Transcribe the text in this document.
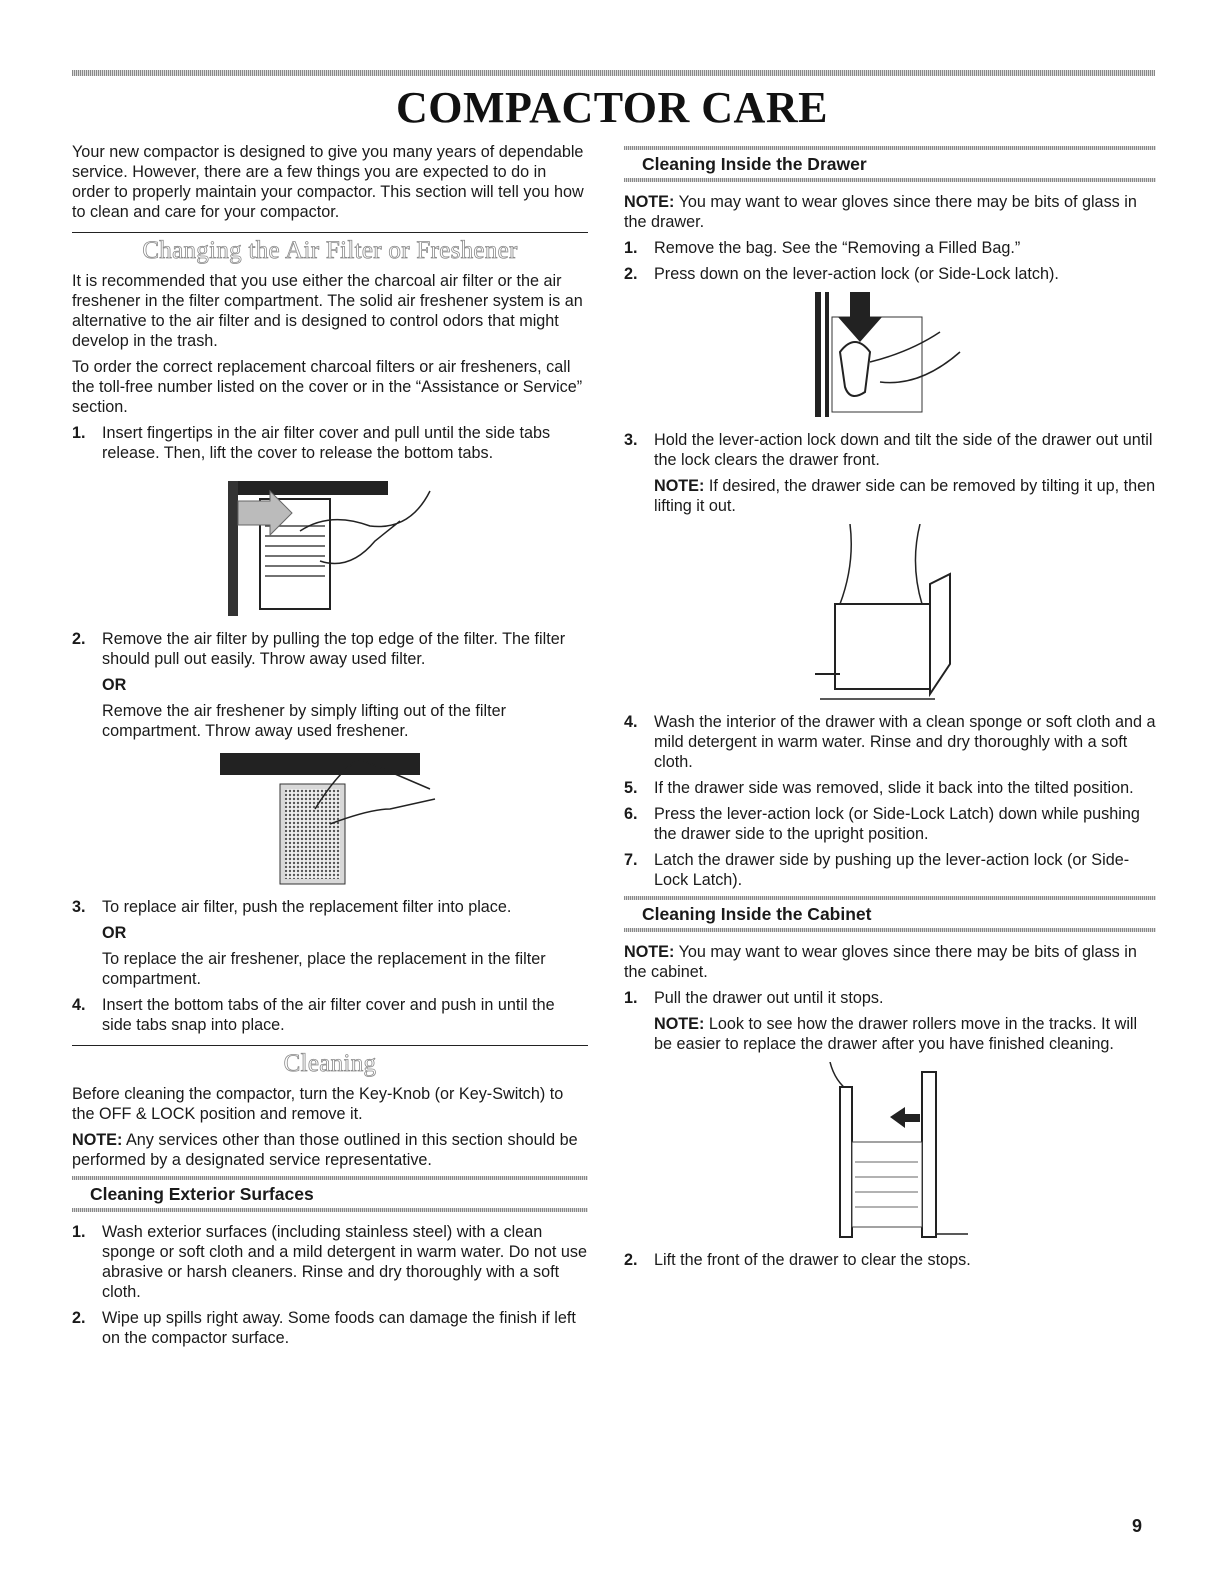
COMPACTOR CARE

Your new compactor is designed to give you many years of dependable service. However, there are a few things you are expected to do in order to properly maintain your compactor. This section will tell you how to clean and care for your compactor.

Changing the Air Filter or Freshener

It is recommended that you use either the charcoal air filter or the air freshener in the filter compartment. The solid air freshener system is an alternative to the air filter and is designed to control odors that might develop in the trash.

To order the correct replacement charcoal filters or air fresheners, call the toll-free number listed on the cover or in the “Assistance or Service” section.

1. Insert fingertips in the air filter cover and pull until the side tabs release. Then, lift the cover to release the bottom tabs.
2. Remove the air filter by pulling the top edge of the filter. The filter should pull out easily. Throw away used filter.

OR

Remove the air freshener by simply lifting out of the filter compartment. Throw away used freshener.

3. To replace air filter, push the replacement filter into place.

OR

To replace the air freshener, place the replacement in the filter compartment.

4. Insert the bottom tabs of the air filter cover and push in until the side tabs snap into place.
Cleaning

Before cleaning the compactor, turn the Key-Knob (or Key-Switch) to the OFF & LOCK position and remove it.

NOTE: Any services other than those outlined in this section should be performed by a designated service representative.

Cleaning Exterior Surfaces
1. Wash exterior surfaces (including stainless steel) with a clean sponge or soft cloth and a mild detergent in warm water. Do not use abrasive or harsh cleaners. Rinse and dry thoroughly with a soft cloth.
2. Wipe up spills right away. Some foods can damage the finish if left on the compactor surface.
Cleaning Inside the Drawer

NOTE: You may want to wear gloves since there may be bits of glass in the drawer.

1. Remove the bag. See the “Removing a Filled Bag.”
2. Press down on the lever-action lock (or Side-Lock latch).
3. Hold the lever-action lock down and tilt the side of the drawer out until the lock clears the drawer front.

NOTE: If desired, the drawer side can be removed by tilting it up, then lifting it out.

4. Wash the interior of the drawer with a clean sponge or soft cloth and a mild detergent in warm water. Rinse and dry thoroughly with a soft cloth.
5. If the drawer side was removed, slide it back into the tilted position.
6. Press the lever-action lock (or Side-Lock Latch) down while pushing the drawer side to the upright position.
7. Latch the drawer side by pushing up the lever-action lock (or Side-Lock Latch).
Cleaning Inside the Cabinet

NOTE: You may want to wear gloves since there may be bits of glass in the cabinet.

1. Pull the drawer out until it stops.

NOTE: Look to see how the drawer rollers move in the tracks. It will be easier to replace the drawer after you have finished cleaning.

2. Lift the front of the drawer to clear the stops.
9
